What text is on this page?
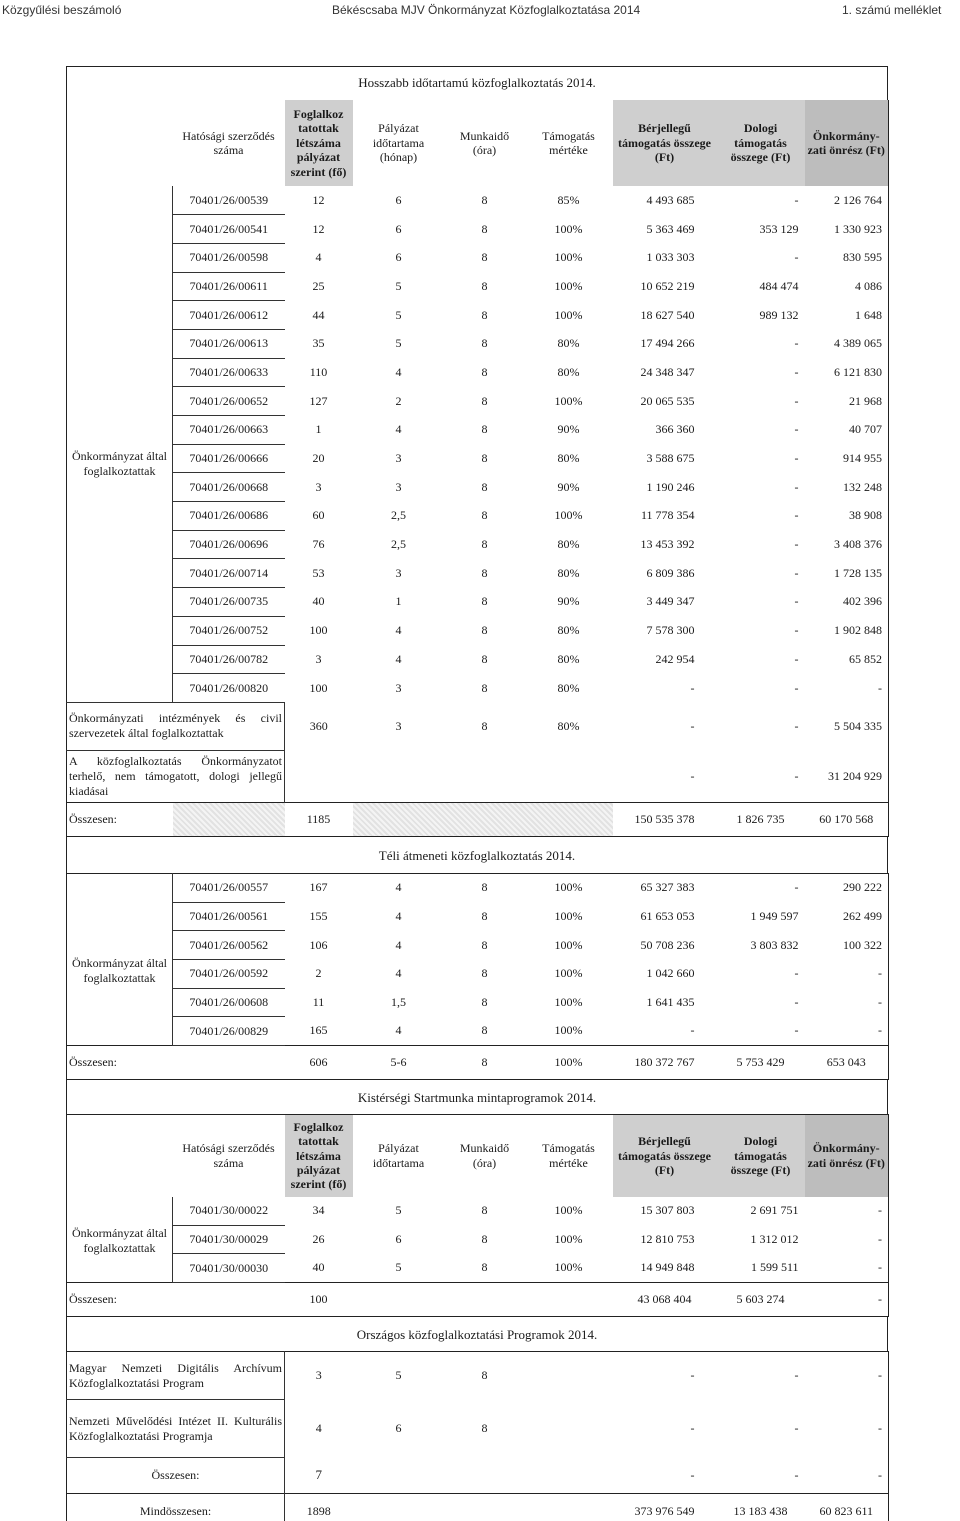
Közgyűlési beszámoló	Békéscsaba MJV Önkormányzat Közfoglalkoztatása 2014	1. számú melléklet
Hosszabb időtartamú közfoglalkoztatás 2014.
	Hatósági szerződés száma	Foglalkoz tatottak létszáma pályázat szerint (fő)	Pályázat időtartama (hónap)	Munkaidő (óra)	Támogatás mértéke	Bérjellegű támogatás összege (Ft)	Dologi támogatás összege (Ft)	Önkormány-zati önrész (Ft)
Önkormányzat által foglalkoztattak	70401/26/00539	12	6	8	85%	4 493 685	-	2 126 764
	70401/26/00541	12	6	8	100%	5 363 469	353 129	1 330 923
	70401/26/00598	4	6	8	100%	1 033 303	-	830 595
	70401/26/00611	25	5	8	100%	10 652 219	484 474	4 086
	70401/26/00612	44	5	8	100%	18 627 540	989 132	1 648
	70401/26/00613	35	5	8	80%	17 494 266	-	4 389 065
	70401/26/00633	110	4	8	80%	24 348 347	-	6 121 830
	70401/26/00652	127	2	8	100%	20 065 535	-	21 968
	70401/26/00663	1	4	8	90%	366 360	-	40 707
	70401/26/00666	20	3	8	80%	3 588 675	-	914 955
	70401/26/00668	3	3	8	90%	1 190 246	-	132 248
	70401/26/00686	60	2,5	8	100%	11 778 354	-	38 908
	70401/26/00696	76	2,5	8	80%	13 453 392	-	3 408 376
	70401/26/00714	53	3	8	80%	6 809 386	-	1 728 135
	70401/26/00735	40	1	8	90%	3 449 347	-	402 396
	70401/26/00752	100	4	8	80%	7 578 300	-	1 902 848
	70401/26/00782	3	4	8	80%	242 954	-	65 852
	70401/26/00820	100	3	8	80%	-	-	-
Önkormányzati intézmények és civil szervezetek által foglalkoztattak		360	3	8	80%	-	-	5 504 335
A közfoglalkoztatás Önkormányzatot terhelő, nem támogatott, dologi jellegű kiadásai						-	-	31 204 929
Összesen:		1185				150 535 378	1 826 735	60 170 568
Téli átmeneti közfoglalkoztatás 2014.
Önkormányzat által foglalkoztattak	70401/26/00557	167	4	8	100%	65 327 383	-	290 222
	70401/26/00561	155	4	8	100%	61 653 053	1 949 597	262 499
	70401/26/00562	106	4	8	100%	50 708 236	3 803 832	100 322
	70401/26/00592	2	4	8	100%	1 042 660	-	-
	70401/26/00608	11	1,5	8	100%	1 641 435	-	-
	70401/26/00829	165	4	8	100%	-	-	-
Összesen:		606	5-6	8	100%	180 372 767	5 753 429	653 043
Kistérségi Startmunka mintaprogramok 2014.
	Hatósági szerződés száma	Foglalkoz tatottak létszáma pályázat szerint (fő)	Pályázat időtartama	Munkaidő (óra)	Támogatás mértéke	Bérjellegű támogatás összege (Ft)	Dologi támogatás összege (Ft)	Önkormány-zati önrész (Ft)
Önkormányzat által foglalkoztattak	70401/30/00022	34	5	8	100%	15 307 803	2 691 751	-
	70401/30/00029	26	6	8	100%	12 810 753	1 312 012	-
	70401/30/00030	40	5	8	100%	14 949 848	1 599 511	-
Összesen:		100				43 068 404	5 603 274	-
Országos közfoglalkoztatási Programok 2014.
Magyar Nemzeti Digitális Archívum Közfoglalkoztatási Program	3	5	8		-	-	-
Nemzeti Művelődési Intézet II. Kulturális Közfoglalkoztatási Programja	4	6	8		-	-	-
Összesen:	7				-	-	-
Mindösszesen:	1898				373 976 549	13 183 438	60 823 611
